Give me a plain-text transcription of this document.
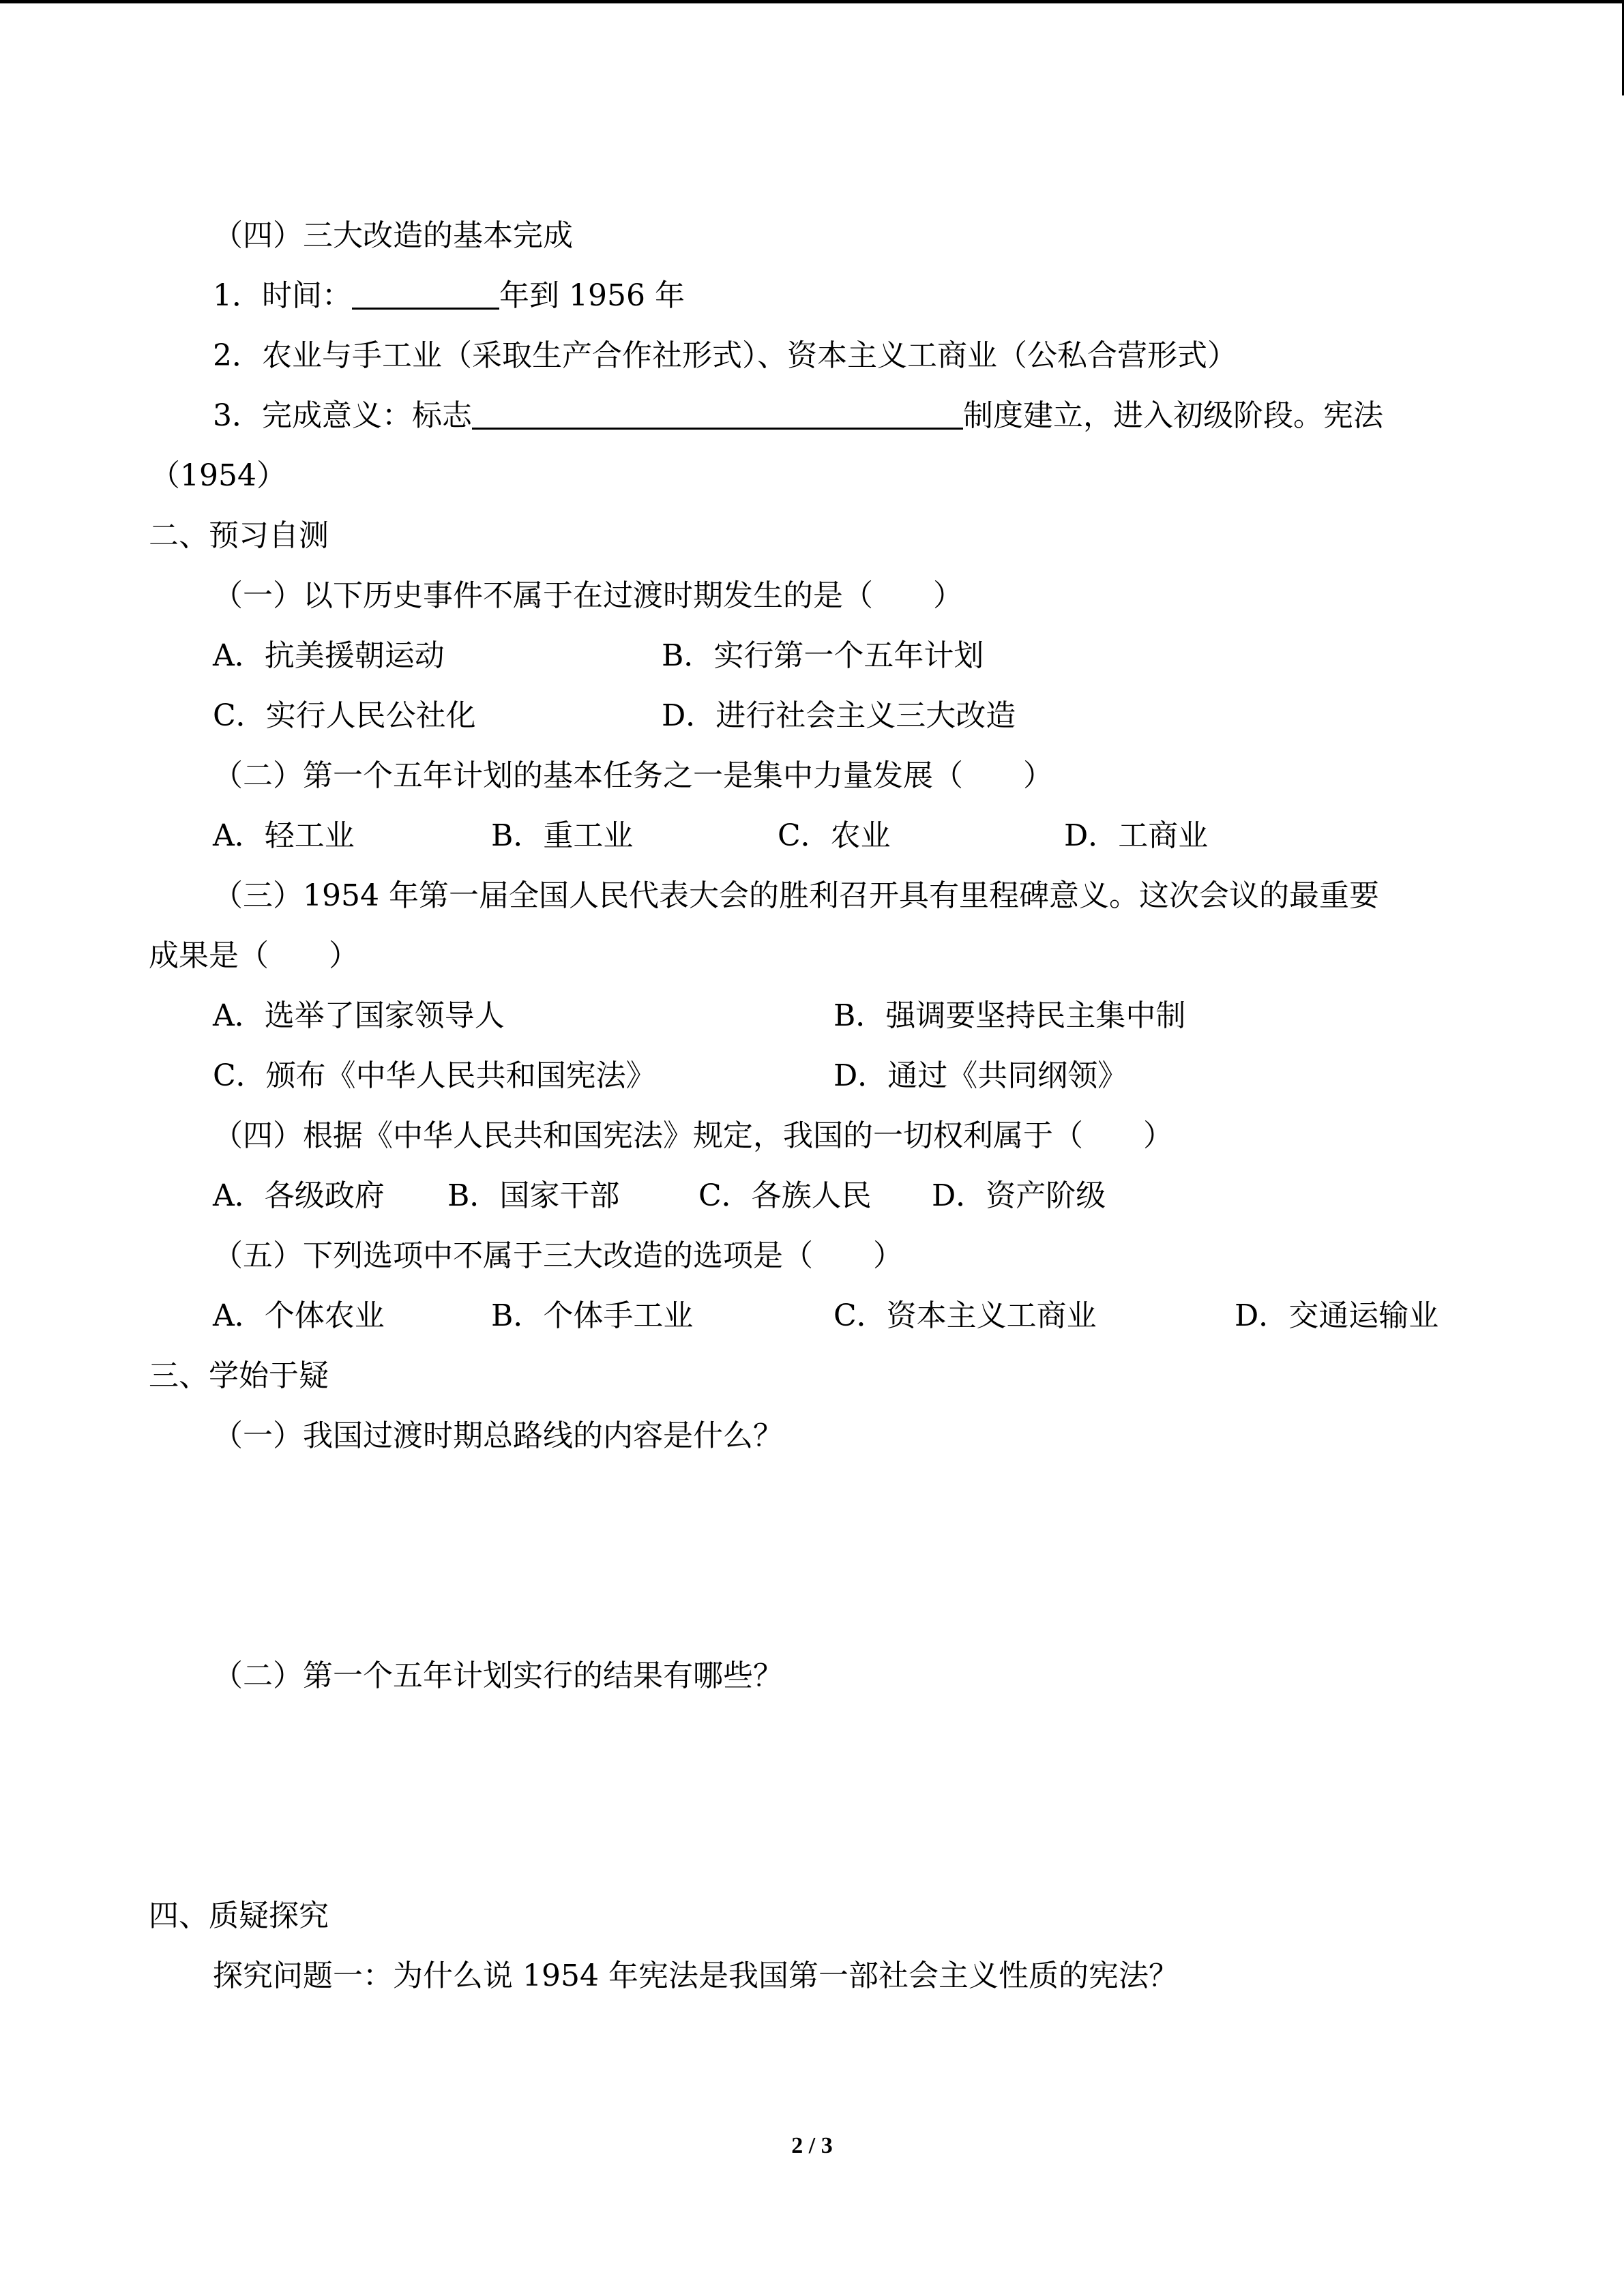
（四）三大改造的基本完成
1．时间：	年到 1956 年
2．农业与手工业（采取生产合作社形式）、资本主义工商业（公私合营形式）
3．完成意义：标志	制度建立，进入初级阶段。宪法
（1954）
二、预习自测
（一）以下历史事件不属于在过渡时期发生的是（　　）
A．抗美援朝运动	B．实行第一个五年计划
C．实行人民公社化	D．进行社会主义三大改造
（二）第一个五年计划的基本任务之一是集中力量发展（　　）
A．轻工业	B．重工业	C．农业	D．工商业
（三）1954 年第一届全国人民代表大会的胜利召开具有里程碑意义。这次会议的最重要
成果是（　　）
A．选举了国家领导人	B．强调要坚持民主集中制
C．颁布《中华人民共和国宪法》	D．通过《共同纲领》
（四）根据《中华人民共和国宪法》规定，我国的一切权利属于（　　）
A．各级政府 B．国家干部	C．各族人民 D．资产阶级
（五）下列选项中不属于三大改造的选项是（　　）
A．个体农业	B．个体手工业	C．资本主义工商业	D．交通运输业
三、学始于疑
（一）我国过渡时期总路线的内容是什么？
（二）第一个五年计划实行的结果有哪些？
四、质疑探究
探究问题一：为什么说 1954 年宪法是我国第一部社会主义性质的宪法？
2 / 3
